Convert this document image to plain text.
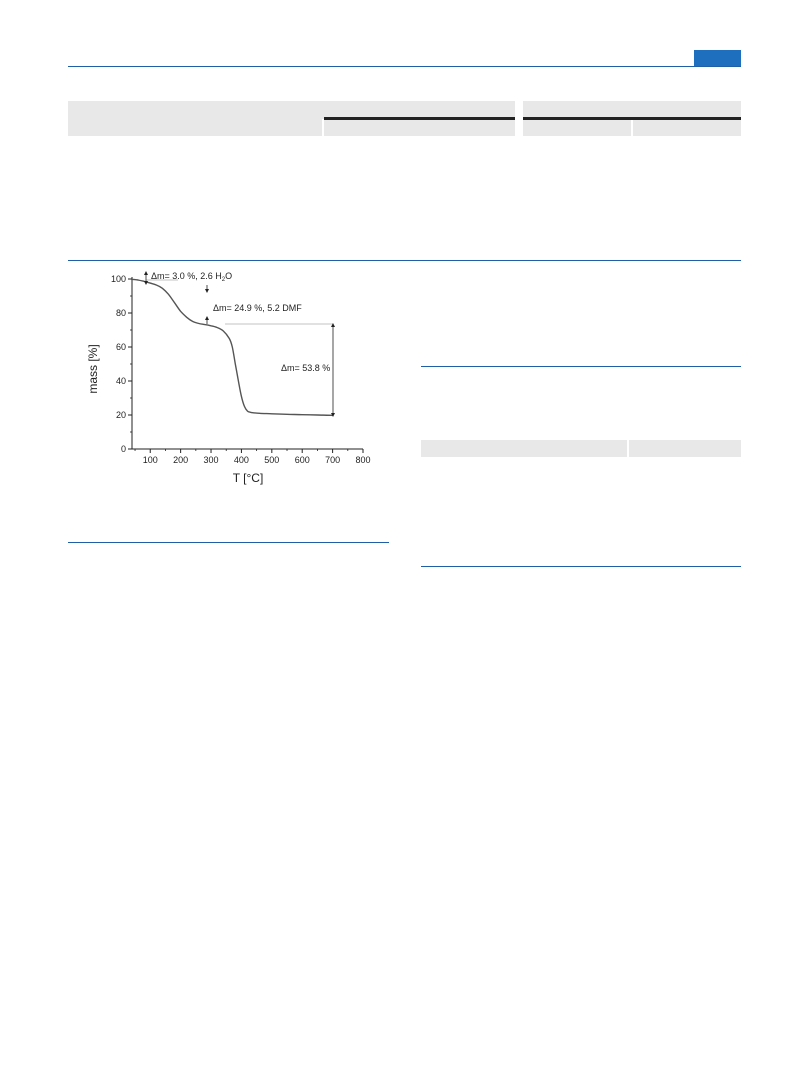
100 200 300 400 500 600 700 800
0
20
40
60
80
100	Δm= 3.0 %, 2.6 $H_2O$
Δm= 24.9 %, 5.2 DMF
Δm= 53.8 %
T [°C]
mass [%]
